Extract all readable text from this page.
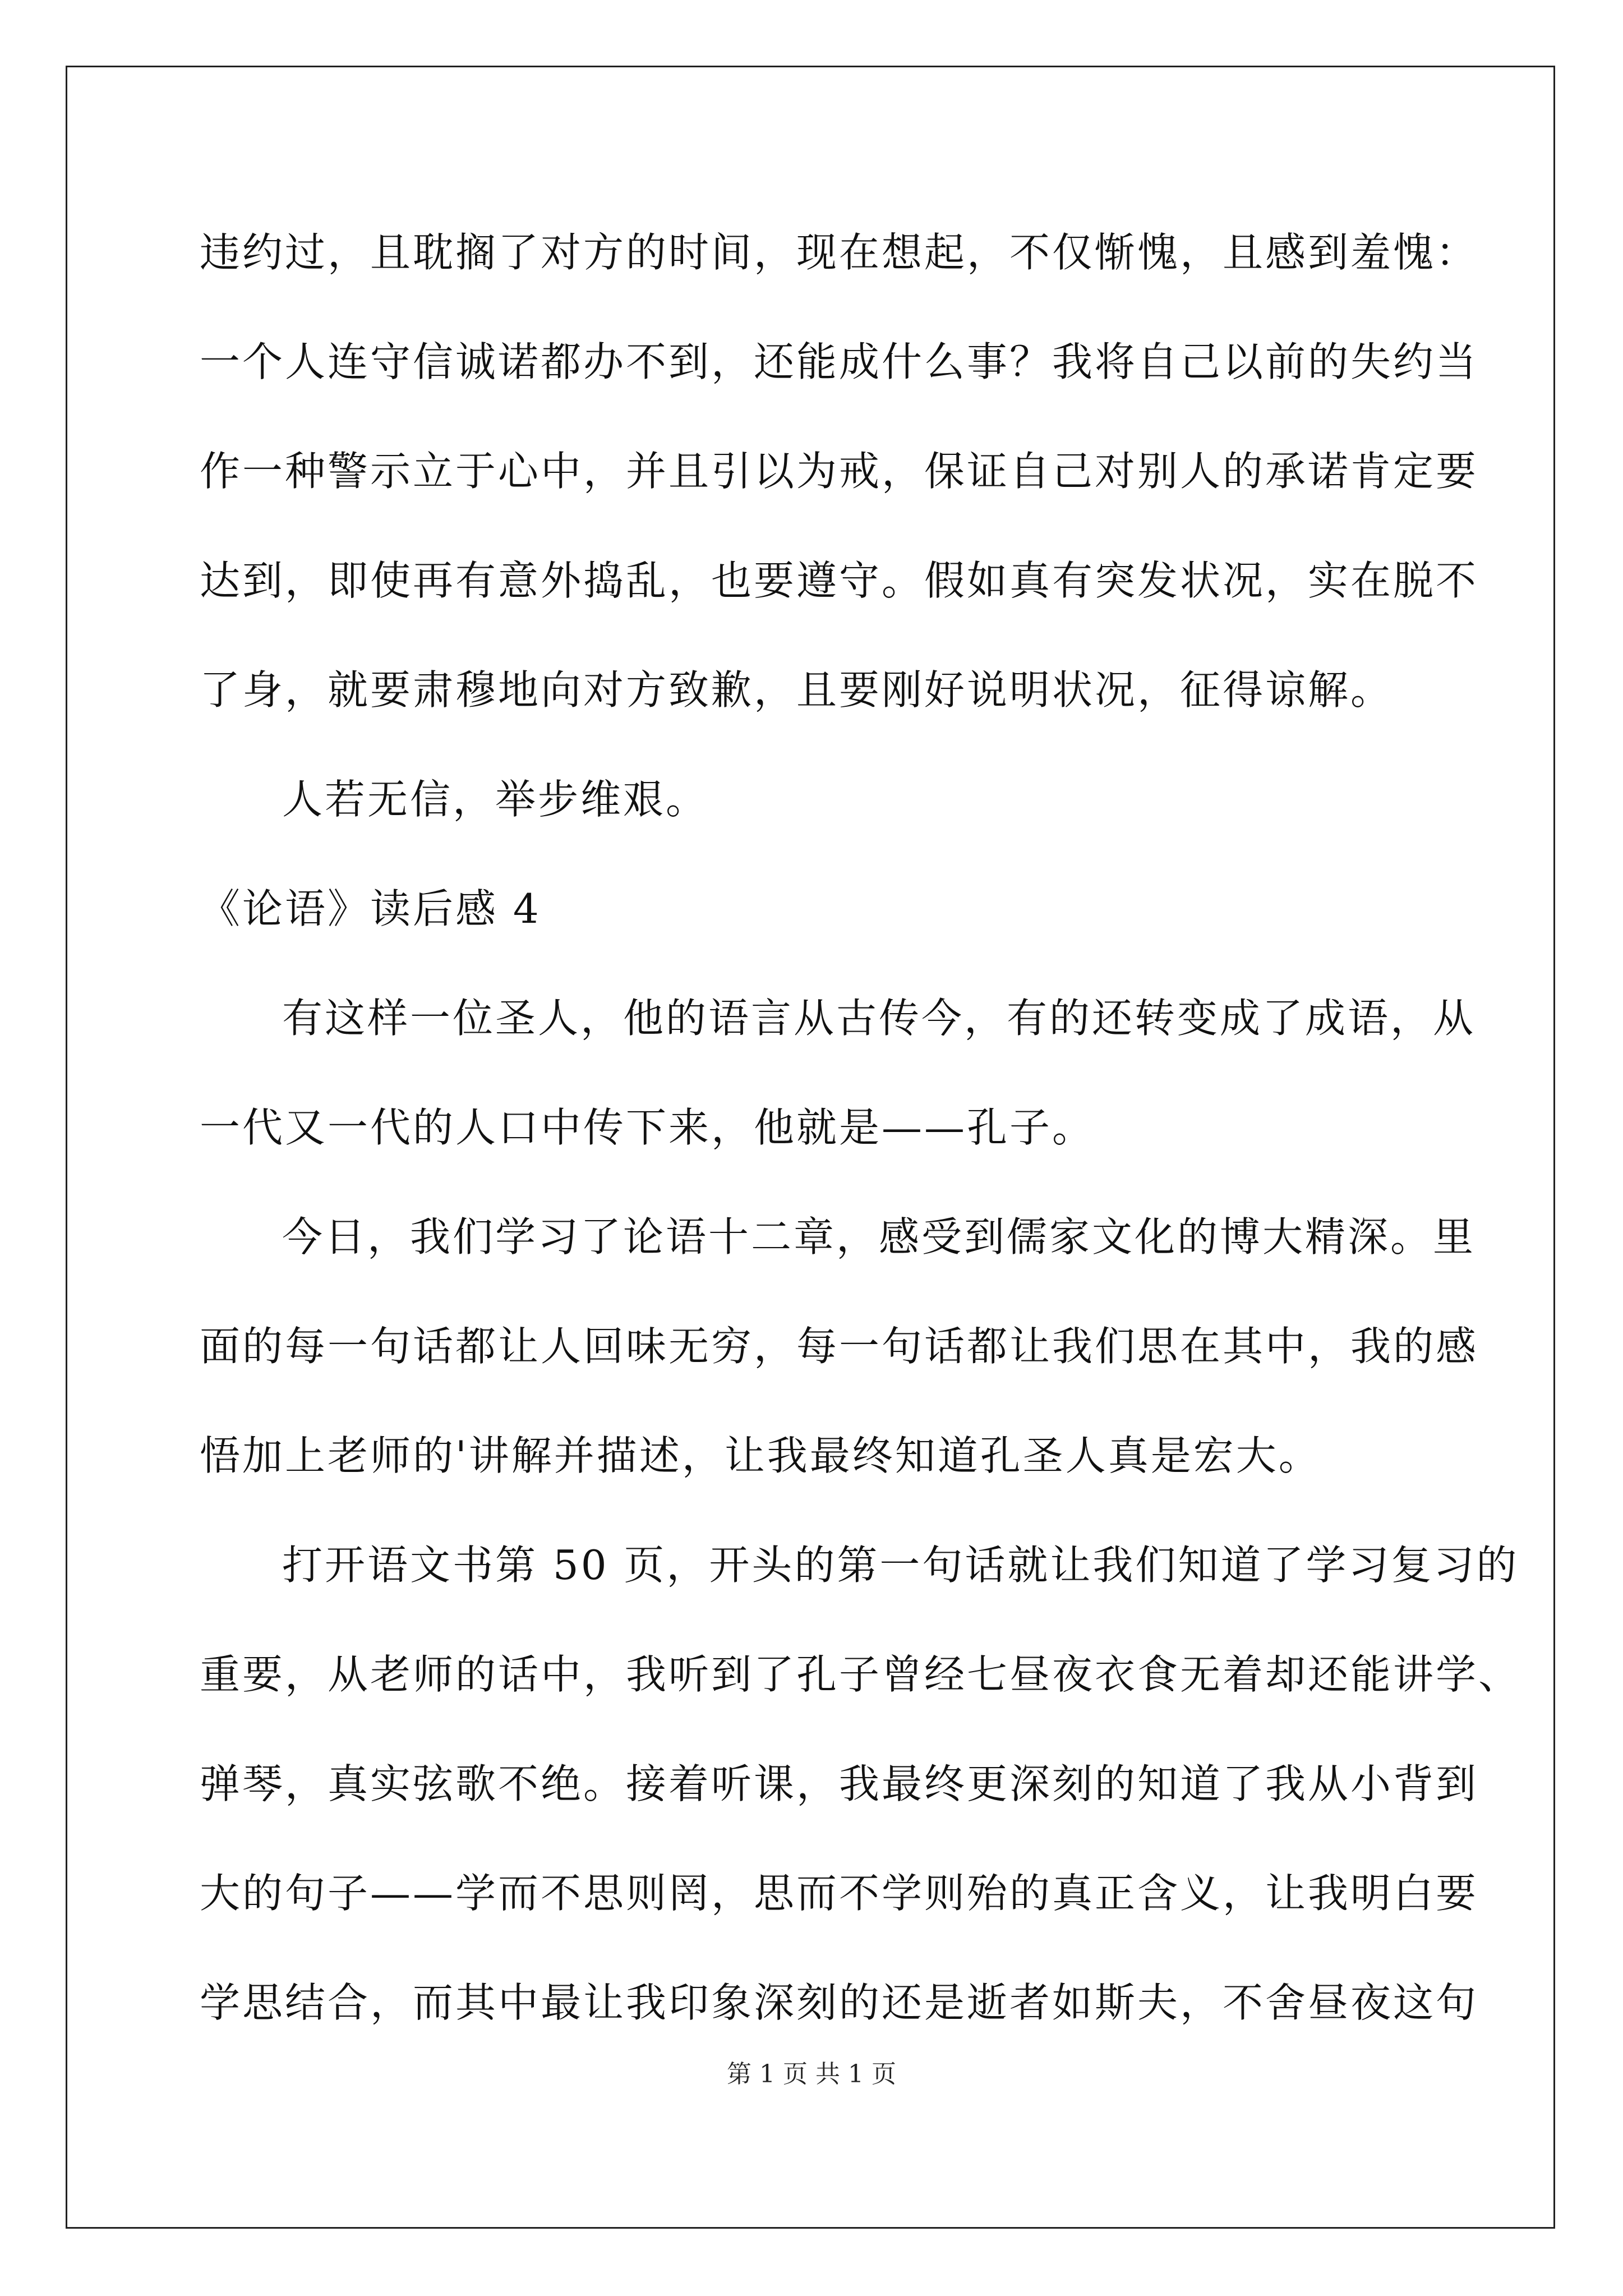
违约过，且耽搁了对方的时间，现在想起，不仅惭愧，且感到羞愧：
一个人连守信诚诺都办不到，还能成什么事？我将自己以前的失约当
作一种警示立于心中，并且引以为戒，保证自己对别人的承诺肯定要
达到，即使再有意外捣乱，也要遵守。假如真有突发状况，实在脱不
了身，就要肃穆地向对方致歉，且要刚好说明状况，征得谅解。
人若无信，举步维艰。
《论语》读后感 4
有这样一位圣人，他的语言从古传今，有的还转变成了成语，从
一代又一代的人口中传下来，他就是——孔子。
今日，我们学习了论语十二章，感受到儒家文化的博大精深。里
面的每一句话都让人回味无穷，每一句话都让我们思在其中，我的感
悟加上老师的'讲解并描述，让我最终知道孔圣人真是宏大。
打开语文书第 50 页，开头的第一句话就让我们知道了学习复习的
重要，从老师的话中，我听到了孔子曾经七昼夜衣食无着却还能讲学、
弹琴，真实弦歌不绝。接着听课，我最终更深刻的知道了我从小背到
大的句子——学而不思则罔，思而不学则殆的真正含义，让我明白要
学思结合，而其中最让我印象深刻的还是逝者如斯夫，不舍昼夜这句
第 1 页 共 1 页
